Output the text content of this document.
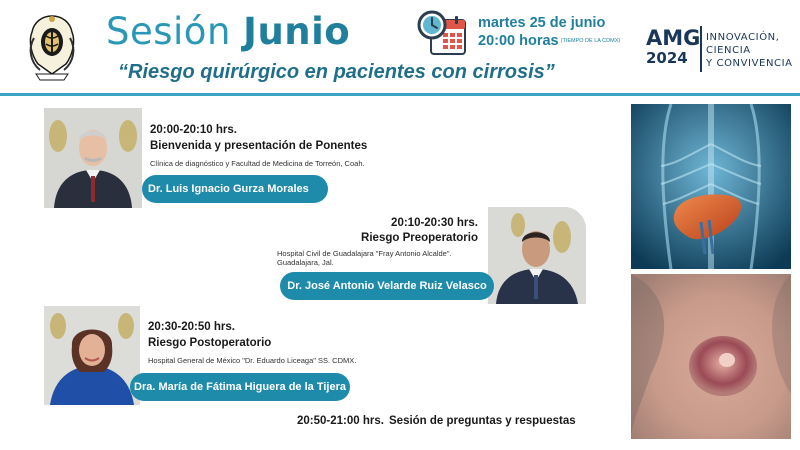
Sesión Junio
“Riesgo quirúrgico en pacientes con cirrosis”
martes 25 de junio
20:00 horas (TIEMPO DE LA CDMX) AMG
2024
INNOVACIÓN,
CIENCIA
Y CONVIVENCIA
20:00-20:10 hrs.
Bienvenida y presentación de Ponentes
Clínica de diagnóstico y Facultad de Medicina de Torreón, Coah.
Dr. Luis Ignacio Gurza Morales
20:10-20:30 hrs.
Riesgo Preoperatorio
Hospital Civil de Guadalajara "Fray Antonio Alcalde".
Guadalajara, Jal.
Dr. José Antonio Velarde Ruiz Velasco
20:30-20:50 hrs.
Riesgo Postoperatorio
Hospital General de México "Dr. Eduardo Liceaga" SS. CDMX.
Dra. María de Fátima Higuera de la Tijera
20:50-21:00 hrs. Sesión de preguntas y respuestas
